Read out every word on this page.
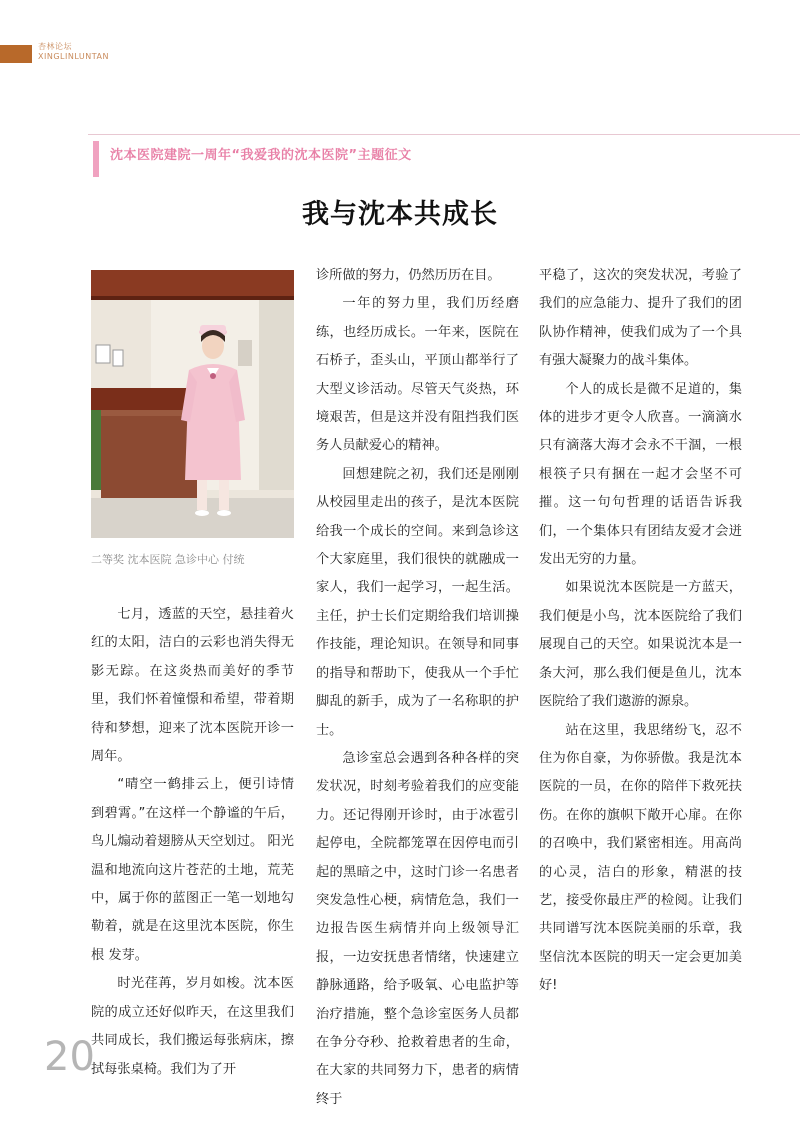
杏林论坛
XINGLINLUNTAN
沈本医院建院一周年“我爱我的沈本医院”主题征文
我与沈本共成长
二等奖 沈本医院 急诊中心 付统

七月，透蓝的天空，悬挂着火红的太阳，洁白的云彩也消失得无影无踪。在这炎热而美好的季节里，我们怀着憧憬和希望，带着期待和梦想，迎来了沈本医院开诊一周年。

“晴空一鹤排云上，便引诗情到碧霄。”在这样一个静谧的午后，鸟儿煽动着翅膀从天空划过。 阳光温和地流向这片苍茫的土地，荒芜中，属于你的蓝图正一笔一划地勾勒着，就是在这里沈本医院，你生根 发芽。

时光荏苒，岁月如梭。沈本医院的成立还好似昨天，在这里我们共同成长，我们搬运每张病床，擦拭每张桌椅。我们为了开

诊所做的努力，仍然历历在目。

一年的努力里，我们历经磨练，也经历成长。一年来，医院在石桥子，歪头山，平顶山都举行了大型义诊活动。尽管天气炎热，环境艰苦，但是这并没有阻挡我们医务人员献爱心的精神。

回想建院之初，我们还是刚刚从校园里走出的孩子，是沈本医院给我一个成长的空间。来到急诊这个大家庭里，我们很快的就融成一家人，我们一起学习，一起生活。主任，护士长们定期给我们培训操作技能，理论知识。在领导和同事的指导和帮助下，使我从一个手忙脚乱的新手，成为了一名称职的护士。

急诊室总会遇到各种各样的突发状况，时刻考验着我们的应变能力。还记得刚开诊时，由于冰雹引起停电，全院都笼罩在因停电而引起的黑暗之中，这时门诊一名患者突发急性心梗，病情危急，我们一边报告医生病情并向上级领导汇报，一边安抚患者情绪，快速建立静脉通路，给予吸氧、心电监护等治疗措施，整个急诊室医务人员都在争分夺秒、抢救着患者的生命，在大家的共同努力下，患者的病情终于

平稳了，这次的突发状况，考验了我们的应急能力、提升了我们的团队协作精神，使我们成为了一个具有强大凝聚力的战斗集体。

个人的成长是微不足道的，集体的进步才更令人欣喜。一滴滴水只有滴落大海才会永不干涸，一根根筷子只有捆在一起才会坚不可摧。这一句句哲理的话语告诉我们，一个集体只有团结友爱才会迸发出无穷的力量。

如果说沈本医院是一方蓝天，我们便是小鸟，沈本医院给了我们展现自己的天空。如果说沈本是一条大河，那么我们便是鱼儿，沈本医院给了我们遨游的源泉。

站在这里，我思绪纷飞，忍不住为你自豪，为你骄傲。我是沈本医院的一员，在你的陪伴下救死扶伤。在你的旗帜下敞开心扉。在你的召唤中，我们紧密相连。用高尚的心灵，洁白的形象，精湛的技艺，接受你最庄严的检阅。让我们共同谱写沈本医院美丽的乐章，我坚信沈本医院的明天一定会更加美好!

20
